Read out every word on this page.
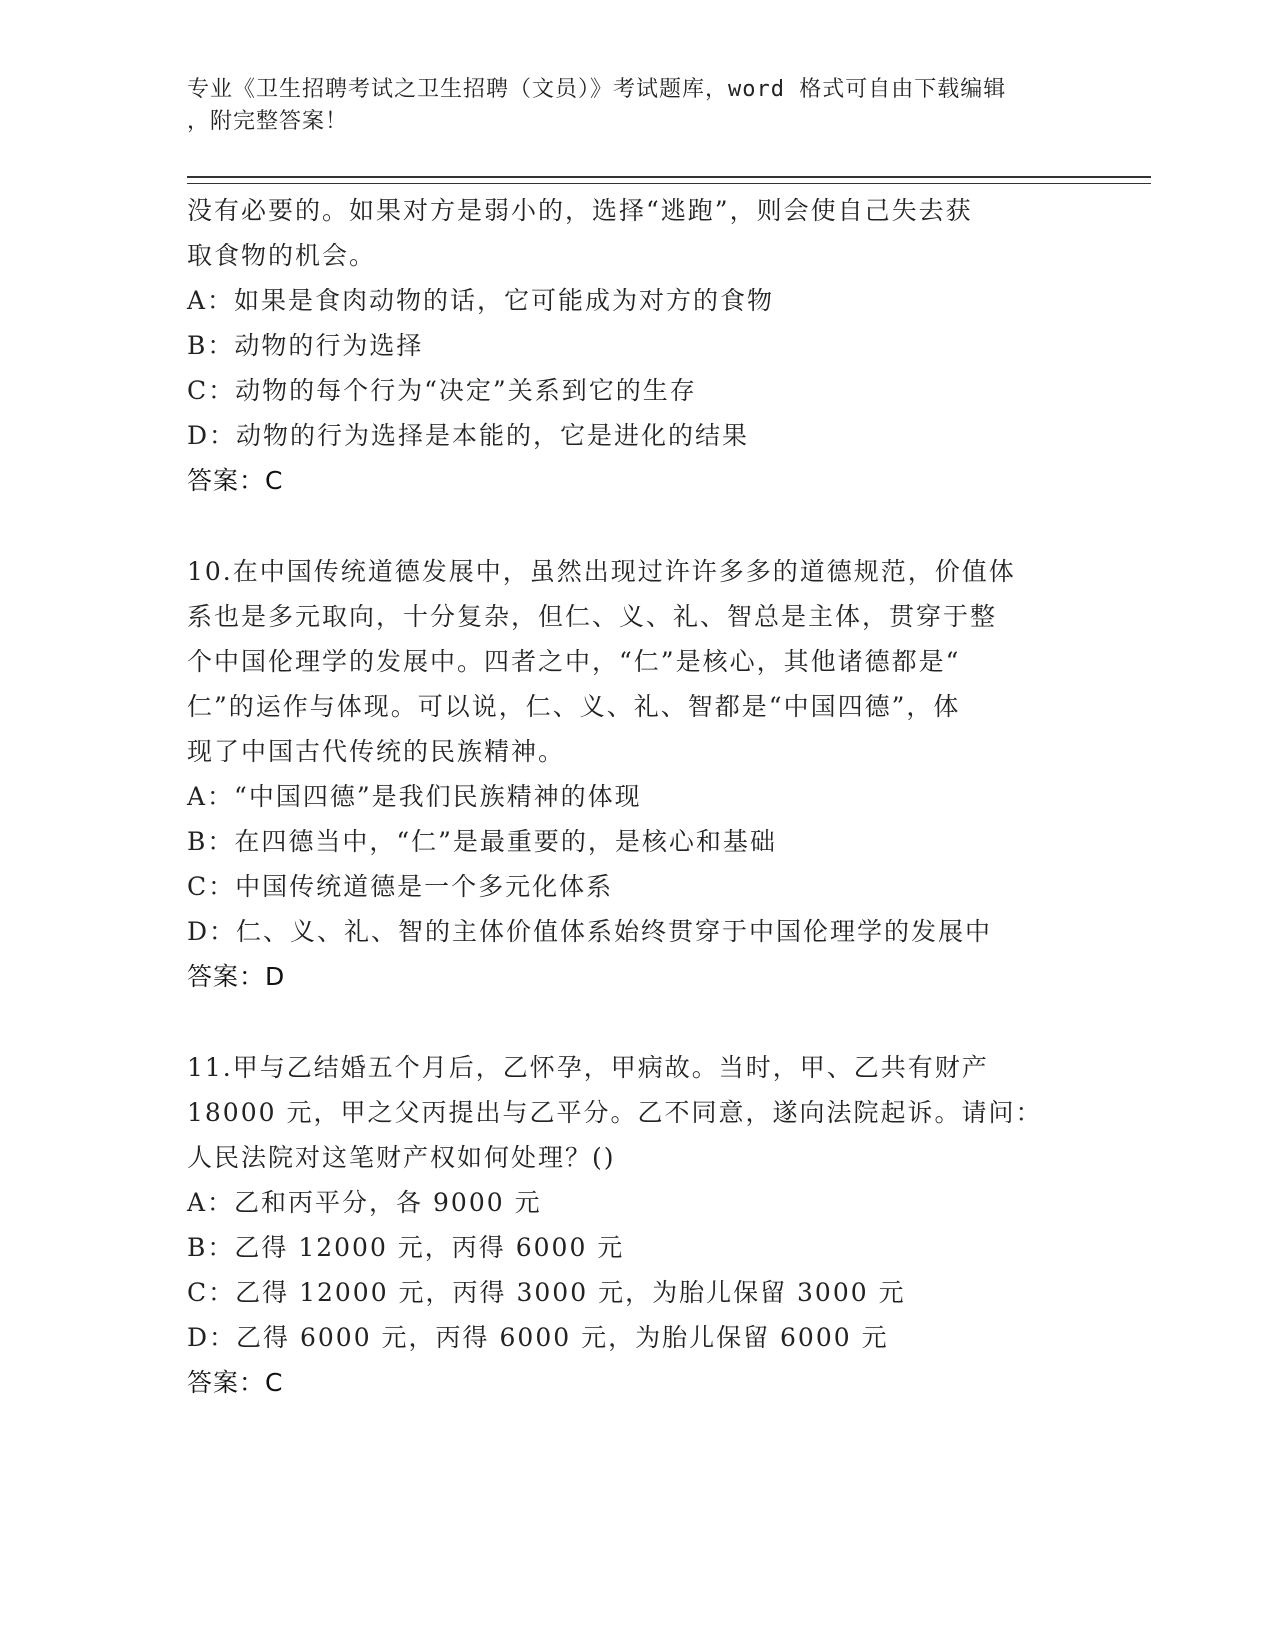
专业《卫生招聘考试之卫生招聘（文员）》考试题库，word 格式可自由下载编辑
，附完整答案！

没有必要的。如果对方是弱小的，选择“逃跑”，则会使自己失去获

取食物的机会。

A：如果是食肉动物的话，它可能成为对方的食物

B：动物的行为选择

C：动物的每个行为“决定”关系到它的生存

D：动物的行为选择是本能的，它是进化的结果

答案：C

10.在中国传统道德发展中，虽然出现过许许多多的道德规范，价值体

系也是多元取向，十分复杂，但仁、义、礼、智总是主体，贯穿于整

个中国伦理学的发展中。四者之中，“仁”是核心，其他诸德都是“

仁”的运作与体现。可以说，仁、义、礼、智都是“中国四德”，体

现了中国古代传统的民族精神。

A：“中国四德”是我们民族精神的体现

B：在四德当中，“仁”是最重要的，是核心和基础

C：中国传统道德是一个多元化体系

D：仁、义、礼、智的主体价值体系始终贯穿于中国伦理学的发展中

答案：D

11.甲与乙结婚五个月后，乙怀孕，甲病故。当时，甲、乙共有财产

18000 元，甲之父丙提出与乙平分。乙不同意，遂向法院起诉。请问：

人民法院对这笔财产权如何处理？()

A：乙和丙平分，各 9000 元

B：乙得 12000 元，丙得 6000 元

C：乙得 12000 元，丙得 3000 元，为胎儿保留 3000 元

D：乙得 6000 元，丙得 6000 元，为胎儿保留 6000 元

答案：C
